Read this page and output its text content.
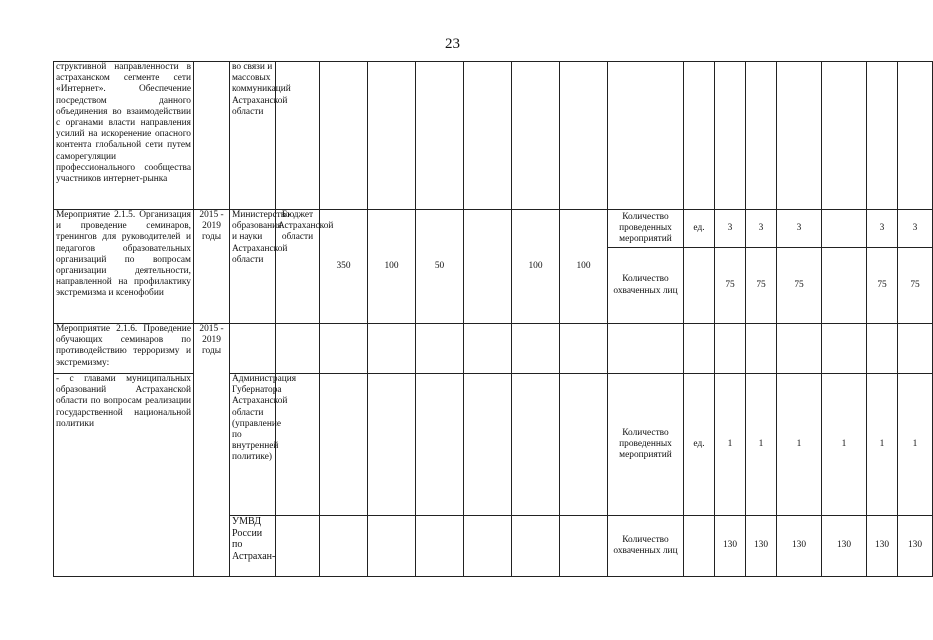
23
структивной направленности в астраханском сегменте сети «Интернет». Обеспечение посредством данного объединения во взаимодействии с органами власти направления усилий на искоренение опасного контента глобальной сети путем саморегуляции профессионального сообщества участников интернет-рынка		во связи и массовых коммуникаций Астраханской области															
Мероприятие 2.1.5. Организация и проведение семинаров, тренингов для руководителей и педагогов образовательных организаций по вопросам организации деятельности, направленной на профилактику экстремизма и ксенофобии	2015 - 2019 годы	Министерство образования и науки Астраханской области	Бюджет Астраханской области	350	100	50		100	100	Количество проведенных мероприятий	ед.	3	3	3		3	3
										Количество охваченных лиц		75	75	75		75	75
Мероприятие 2.1.6. Проведение обучающих семинаров по противодействию терроризму и экстремизму:	2015 - 2019 годы																
- с главами муниципальных образований Астраханской области по вопросам реализации государственной национальной политики		Администрация Губернатора Астраханской области (управление по внутренней политике)								Количество проведенных мероприятий	ед.	1	1	1	1	1	1
		УМВД России по Астрахан-								Количество охваченных лиц		130	130	130	130	130	130
